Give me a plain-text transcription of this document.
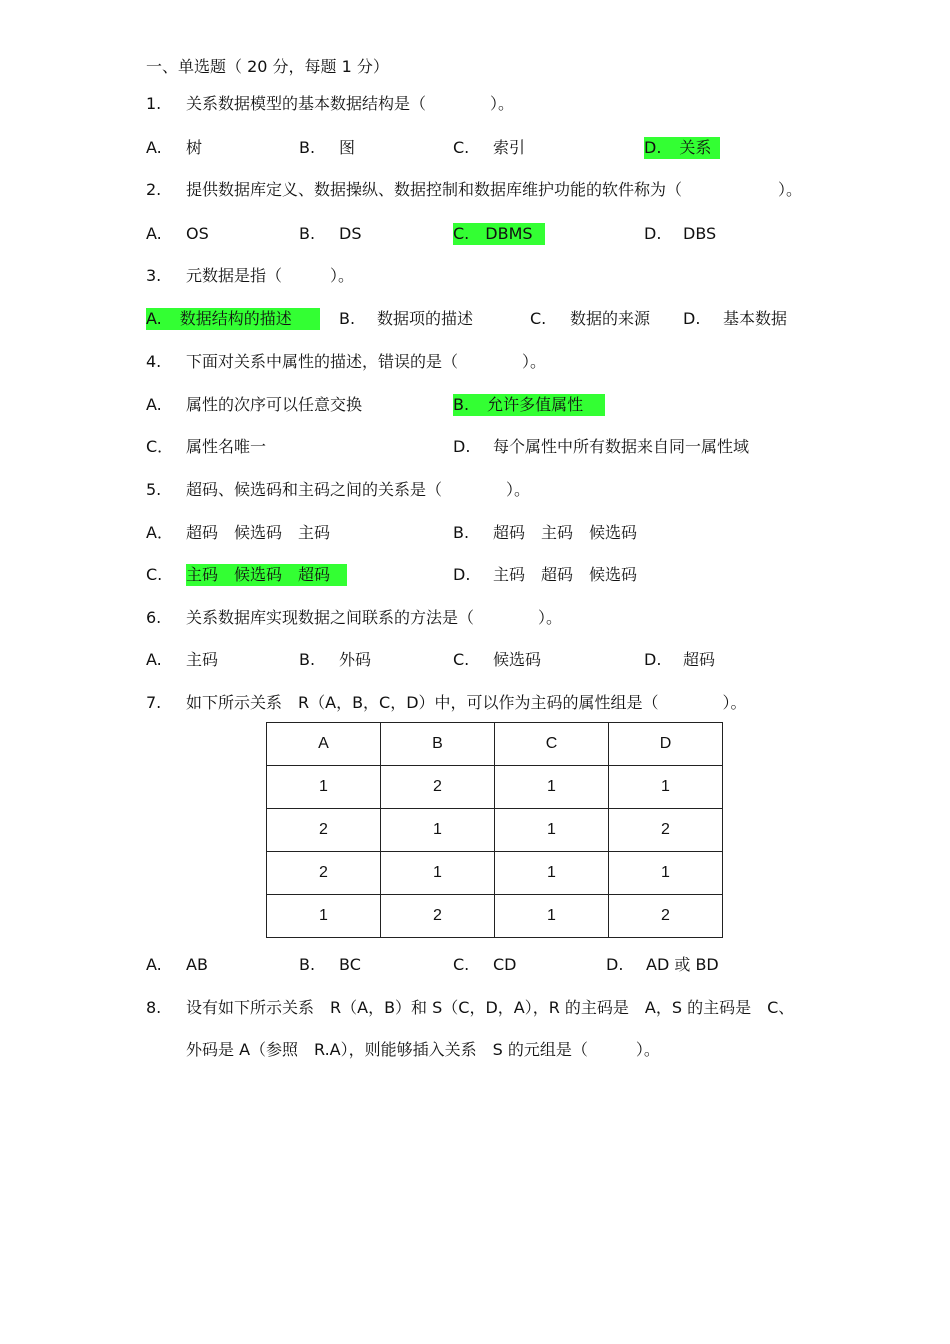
一、单选题（ 20 分，每题 1 分）
1. 关系数据模型的基本数据结构是（　　　　）。
A. 树	B. 图	C. 索引	D. 关系
2. 提供数据库定义、数据操纵、数据控制和数据库维护功能的软件称为（　　　　　　）。
A. OS	B. DS	C. DBMS	D. DBS
3. 元数据是指（　　　）。
A. 数据结构的描述	B. 数据项的描述	C. 数据的来源 D. 基本数据
4. 下面对关系中属性的描述，错误的是（　　　　）。
A. 属性的次序可以任意交换	B. 允许多值属性
C． 属性名唯一	D. 每个属性中所有数据来自同一属性域
5. 超码、候选码和主码之间的关系是（　　　　）。
A． 超码　候选码　主码	B. 超码　主码　候选码
C. 主码　候选码　超码	D. 主码　超码　候选码
6. 关系数据库实现数据之间联系的方法是（　　　　）。
A. 主码	B. 外码	C. 候选码	D. 超码
7. 如下所示关系　R（A，B，C，D）中，可以作为主码的属性组是（　　　　）。
A	B	C	D
1	2	1	1
2	1	1	2
2	1	1	1
1	2	1	2
A. AB	B. BC	C. CD	D. AD 或 BD
8. 设有如下所示关系　R（A，B）和 S（C，D，A），R 的主码是　A，S 的主码是　C、
外码是 A（参照　R.A），则能够插入关系　S 的元组是（　　　）。
